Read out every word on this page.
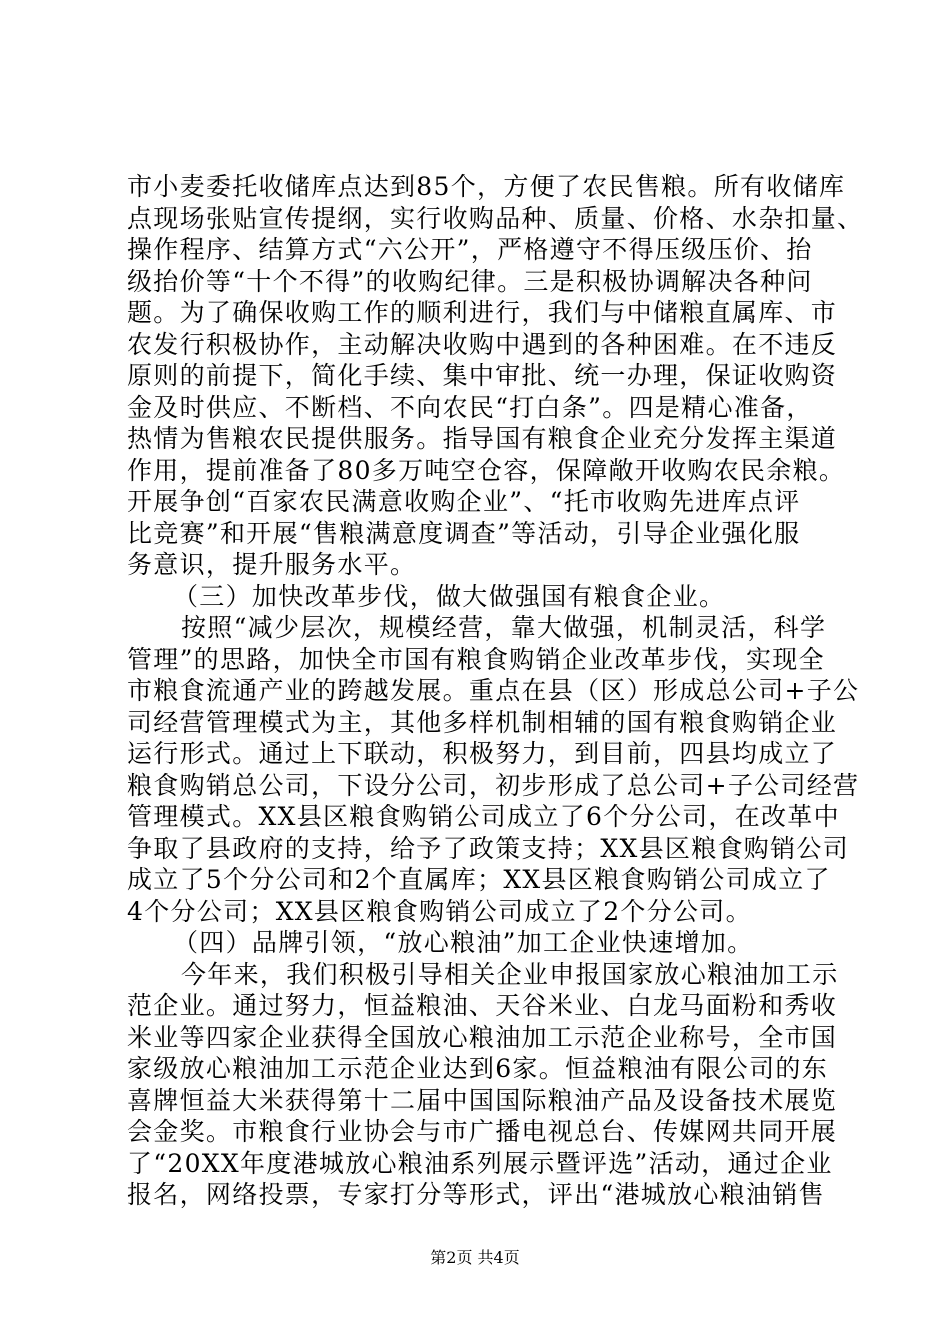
市小麦委托收储库点达到85个，方便了农民售粮。所有收储库
点现场张贴宣传提纲，实行收购品种、质量、价格、水杂扣量、
操作程序、结算方式“六公开”，严格遵守不得压级压价、抬
级抬价等“十个不得”的收购纪律。三是积极协调解决各种问
题。为了确保收购工作的顺利进行，我们与中储粮直属库、市
农发行积极协作，主动解决收购中遇到的各种困难。在不违反
原则的前提下，简化手续、集中审批、统一办理，保证收购资
金及时供应、不断档、不向农民“打白条”。四是精心准备，
热情为售粮农民提供服务。指导国有粮食企业充分发挥主渠道
作用，提前准备了80多万吨空仓容，保障敞开收购农民余粮。
开展争创“百家农民满意收购企业”、“托市收购先进库点评
比竞赛”和开展“售粮满意度调查”等活动，引导企业强化服
务意识，提升服务水平。
（三）加快改革步伐，做大做强国有粮食企业。
按照“减少层次，规模经营，靠大做强，机制灵活，科学
管理”的思路，加快全市国有粮食购销企业改革步伐，实现全
市粮食流通产业的跨越发展。重点在县（区）形成总公司+子公
司经营管理模式为主，其他多样机制相辅的国有粮食购销企业
运行形式。通过上下联动，积极努力，到目前，四县均成立了
粮食购销总公司，下设分公司，初步形成了总公司+子公司经营
管理模式。XX县区粮食购销公司成立了6个分公司，在改革中
争取了县政府的支持，给予了政策支持；XX县区粮食购销公司
成立了5个分公司和2个直属库；XX县区粮食购销公司成立了
4个分公司；XX县区粮食购销公司成立了2个分公司。
（四）品牌引领，“放心粮油”加工企业快速增加。
今年来，我们积极引导相关企业申报国家放心粮油加工示
范企业。通过努力，恒益粮油、天谷米业、白龙马面粉和秀收
米业等四家企业获得全国放心粮油加工示范企业称号，全市国
家级放心粮油加工示范企业达到6家。恒益粮油有限公司的东
喜牌恒益大米获得第十二届中国国际粮油产品及设备技术展览
会金奖。市粮食行业协会与市广播电视总台、传媒网共同开展
了“20XX年度港城放心粮油系列展示暨评选”活动，通过企业
报名，网络投票，专家打分等形式，评出“港城放心粮油销售
第2页 共4页
